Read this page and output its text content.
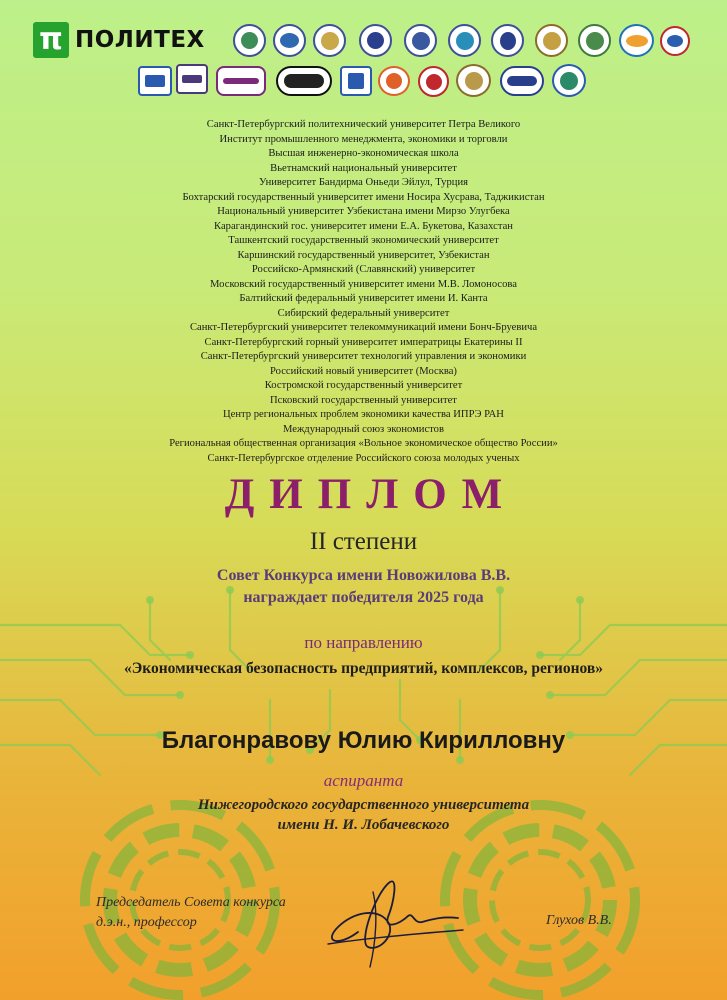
π ПОЛИТЕХ
Санкт-Петербургский политехнический университет Петра Великого
Институт промышленного менеджмента, экономики и торговли
Высшая инженерно-экономическая школа
Вьетнамский национальный университет
Университет Бандирма Оньеди Эйлул, Турция
Бохтарский государственный университет имени Носира Хусрава, Таджикистан
Национальный университет Узбекистана имени Мирзо Улугбека
Карагандинский гос. университет имени Е.А. Букетова, Казахстан
Ташкентский государственный экономический университет
Каршинский государственный университет, Узбекистан
Российско-Армянский (Славянский) университет
Московский государственный университет имени М.В. Ломоносова
Балтийский федеральный университет имени И. Канта
Сибирский федеральный университет
Санкт-Петербургский университет телекоммуникаций имени Бонч-Бруевича
Санкт-Петербургский горный университет императрицы Екатерины II
Санкт-Петербургский университет технологий управления и экономики
Российский новый университет (Москва)
Костромской государственный университет
Псковский государственный университет
Центр региональных проблем экономики качества ИПРЭ РАН
Международный союз экономистов
Региональная общественная организация «Вольное экономическое общество России»
Санкт-Петербургское отделение Российского союза молодых ученых
ДИПЛОМ
II степени
Совет Конкурса имени Новожилова В.В.
награждает победителя 2025 года
по направлению
«Экономическая безопасность предприятий, комплексов, регионов»
Благонравову Юлию Кирилловну
аспиранта
Нижегородского государственного университета
имени Н. И. Лобачевского
Председатель Совета конкурса
д.э.н., профессор	Глухов В.В.
